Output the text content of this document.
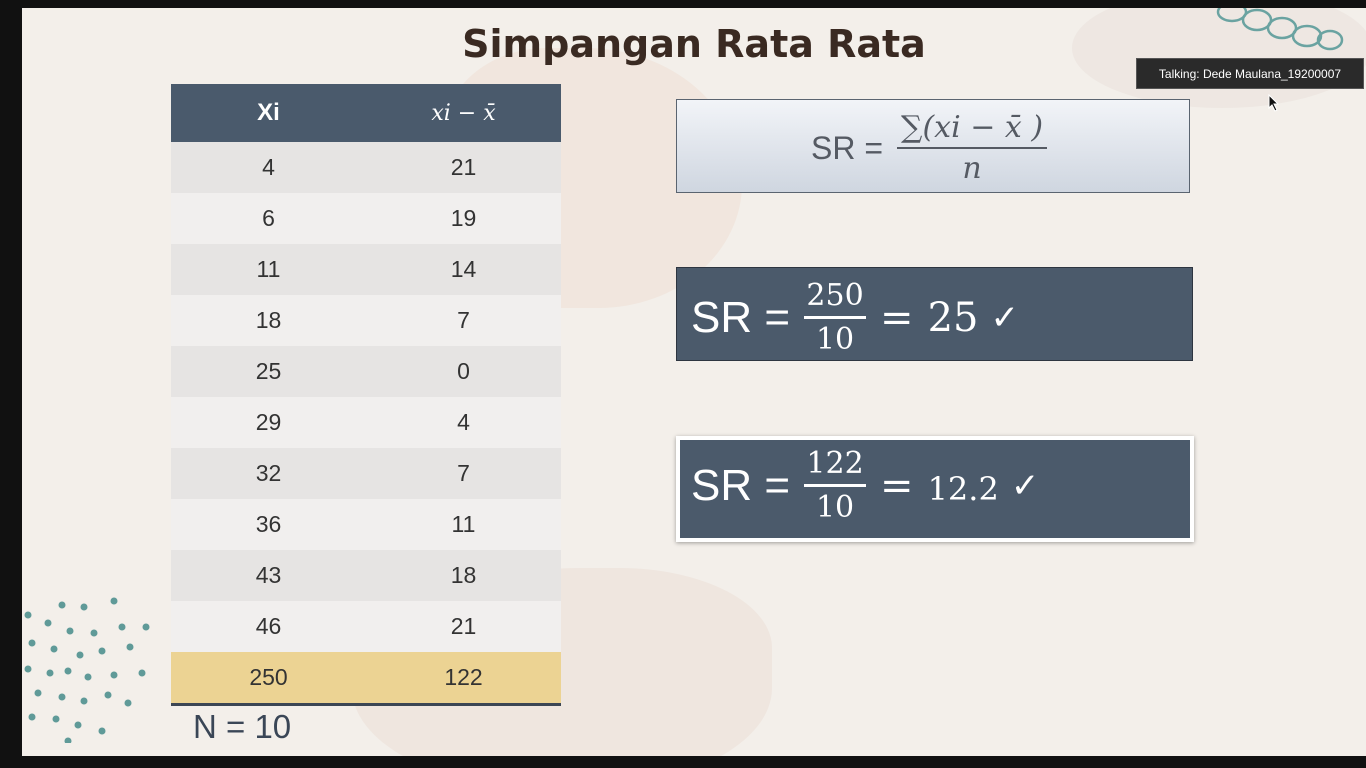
Simpangan Rata Rata
Xi	xi − x̄
4	21
6	19
11	14
18	7
25	0
29	4
32	7
36	11
43	18
46	21
250	122
N = 10
SR = $\frac{\sum(xi - x̄ )}{n}$
SR = $\frac{250}{10} = 25$ ✓
SR = $\frac{122}{10} = 12.2$ ✓
Talking: Dede Maulana_19200007
